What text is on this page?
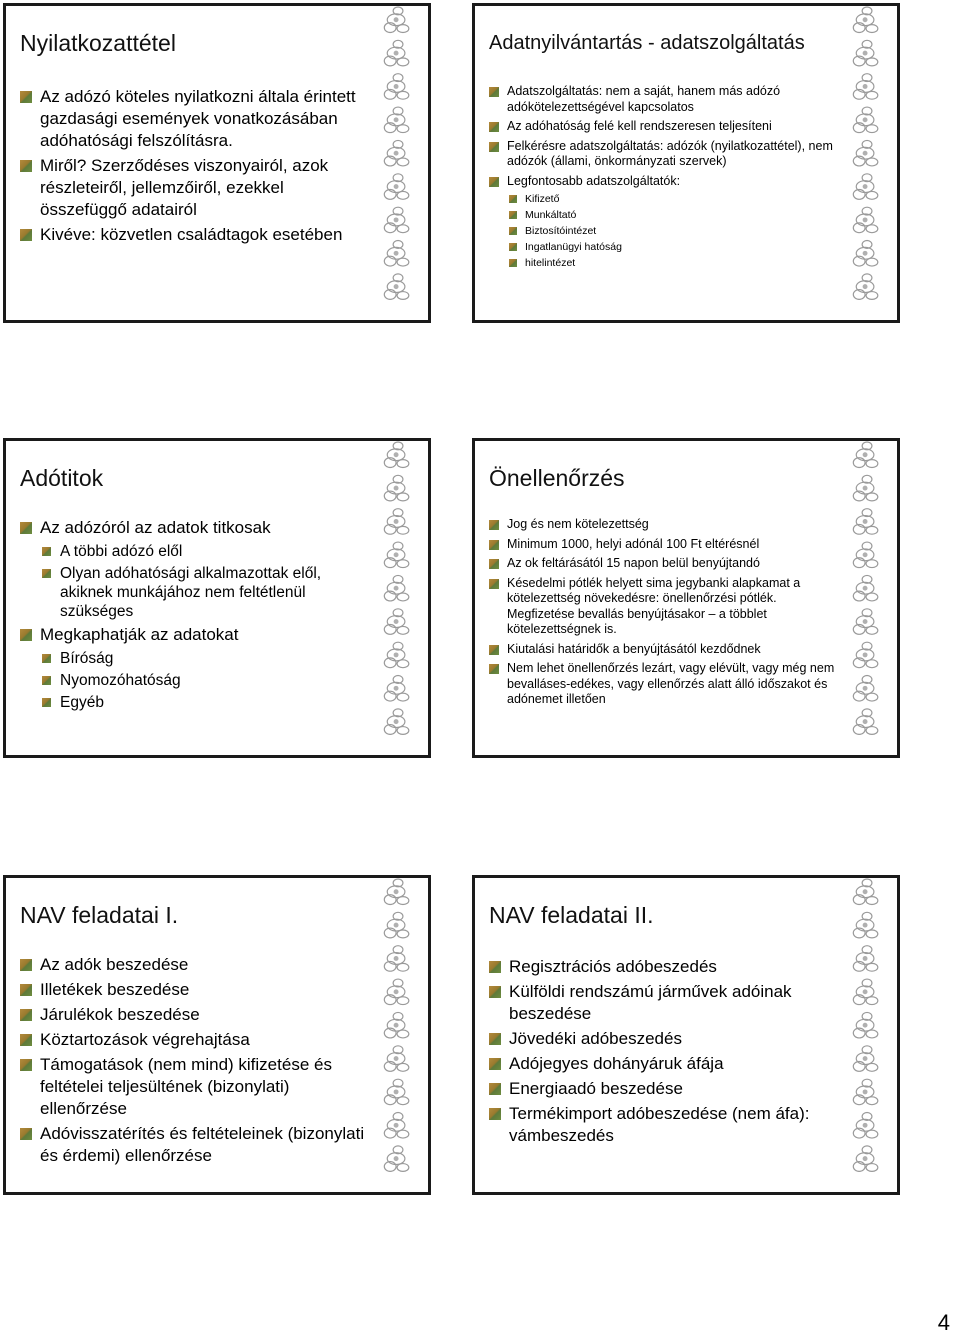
Nyilatkozattétel
Az adózó köteles nyilatkozni általa érintett gazdasági események vonatkozásában adóhatósági felszólításra.
Miről? Szerződéses viszonyairól, azok részleteiről, jellemzőiről, ezekkel összefüggő adatairól
Kivéve: közvetlen családtagok esetében
Adatnyilvántartás - adatszolgáltatás
Adatszolgáltatás: nem a saját, hanem más adózó adókötelezettségével kapcsolatos
Az adóhatóság felé kell rendszeresen teljesíteni
Felkérésre adatszolgáltatás: adózók (nyilatkozattétel), nem adózók (állami, önkormányzati szervek)
Legfontosabb adatszolgáltatók:
Kifizető
Munkáltató
Biztosítóintézet
Ingatlanügyi hatóság
hitelintézet
Adótitok
Az adózóról az adatok titkosak
A többi adózó elől
Olyan adóhatósági alkalmazottak elől, akiknek munkájához nem feltétlenül szükséges
Megkaphatják az adatokat
Bíróság
Nyomozóhatóság
Egyéb
Önellenőrzés
Jog és nem kötelezettség
Minimum 1000, helyi adónál 100 Ft eltérésnél
Az ok feltárásától 15 napon belül benyújtandó
Késedelmi pótlék helyett sima jegybanki alapkamat a kötelezettség növekedésre: önellenőrzési pótlék. Megfizetése bevallás benyújtásakor – a többlet kötelezettségnek is.
Kiutalási határidők a benyújtásától kezdődnek
Nem lehet önellenőrzés lezárt, vagy elévült, vagy még nem bevalláses-edékes, vagy ellenőrzés alatt álló időszakot és adónemet illetően
NAV feladatai I.
Az adók beszedése
Illetékek beszedése
Járulékok beszedése
Köztartozások végrehajtása
Támogatások (nem mind) kifizetése és feltételei teljesültének (bizonylati) ellenőrzése
Adóvisszatérítés és feltételeinek (bizonylati és érdemi) ellenőrzése
NAV feladatai II.
Regisztrációs adóbeszedés
Külföldi rendszámú járművek adóinak beszedése
Jövedéki adóbeszedés
Adójegyes dohányáruk áfája
Energiaadó beszedése
Termékimport adóbeszedése (nem áfa): vámbeszedés
4
